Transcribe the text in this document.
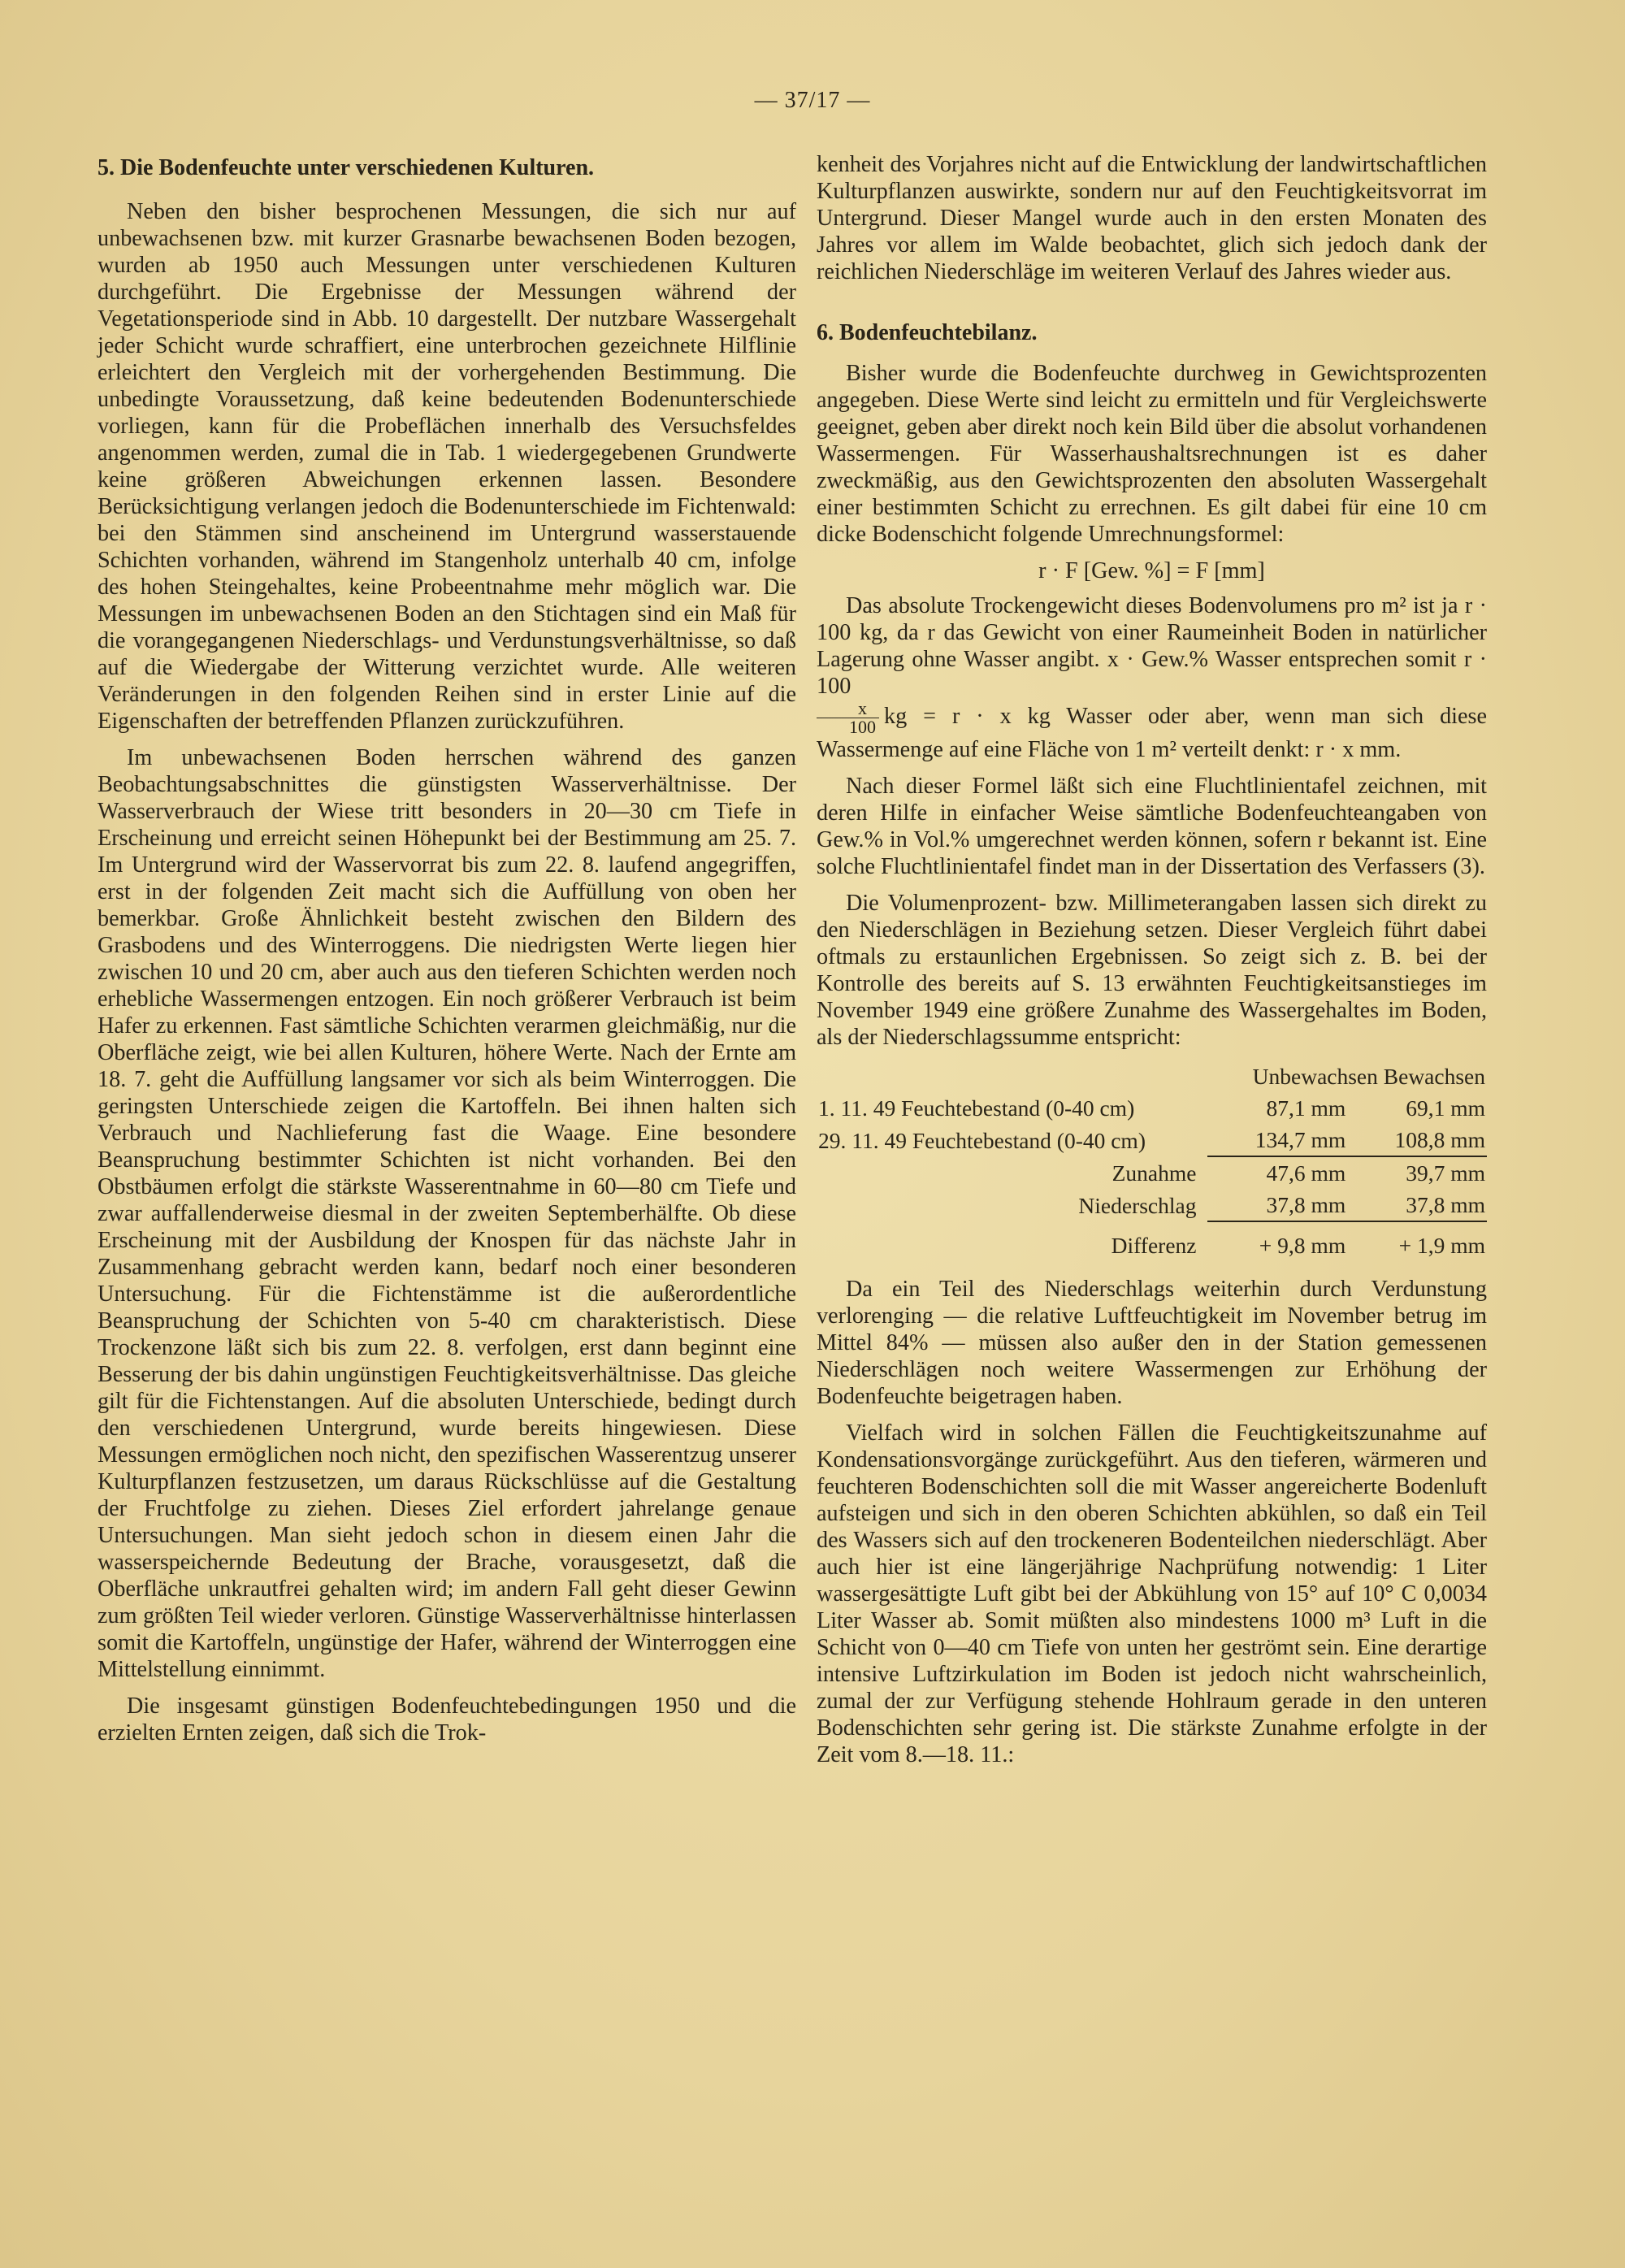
— 37/17 —
5. Die Bodenfeuchte unter verschiedenen Kulturen.

Neben den bisher besprochenen Messungen, die sich nur auf unbewachsenen bzw. mit kurzer Grasnarbe bewachsenen Boden bezogen, wurden ab 1950 auch Messungen unter verschiedenen Kulturen durchgeführt. Die Ergebnisse der Messungen während der Vegetationsperiode sind in Abb. 10 dargestellt. Der nutzbare Wassergehalt jeder Schicht wurde schraffiert, eine unterbrochen gezeichnete Hilflinie erleichtert den Vergleich mit der vorhergehenden Bestimmung. Die unbedingte Voraussetzung, daß keine bedeutenden Bodenunterschiede vorliegen, kann für die Probeflächen innerhalb des Versuchsfeldes angenommen werden, zumal die in Tab. 1 wiedergegebenen Grundwerte keine größeren Abweichungen erkennen lassen. Besondere Berücksichtigung verlangen jedoch die Bodenunterschiede im Fichtenwald: bei den Stämmen sind anscheinend im Untergrund wasserstauende Schichten vorhanden, während im Stangenholz unterhalb 40 cm, infolge des hohen Steingehaltes, keine Probeentnahme mehr möglich war. Die Messungen im unbewachsenen Boden an den Stichtagen sind ein Maß für die vorangegangenen Niederschlags- und Verdunstungsverhältnisse, so daß auf die Wiedergabe der Witterung verzichtet wurde. Alle weiteren Veränderungen in den folgenden Reihen sind in erster Linie auf die Eigenschaften der betreffenden Pflanzen zurückzuführen.

Im unbewachsenen Boden herrschen während des ganzen Beobachtungsabschnittes die günstigsten Wasserverhältnisse. Der Wasserverbrauch der Wiese tritt besonders in 20—30 cm Tiefe in Erscheinung und erreicht seinen Höhepunkt bei der Bestimmung am 25. 7. Im Untergrund wird der Wasservorrat bis zum 22. 8. laufend angegriffen, erst in der folgenden Zeit macht sich die Auffüllung von oben her bemerkbar. Große Ähnlichkeit besteht zwischen den Bildern des Grasbodens und des Winterroggens. Die niedrigsten Werte liegen hier zwischen 10 und 20 cm, aber auch aus den tieferen Schichten werden noch erhebliche Wassermengen entzogen. Ein noch größerer Verbrauch ist beim Hafer zu erkennen. Fast sämtliche Schichten verarmen gleichmäßig, nur die Oberfläche zeigt, wie bei allen Kulturen, höhere Werte. Nach der Ernte am 18. 7. geht die Auffüllung langsamer vor sich als beim Winterroggen. Die geringsten Unterschiede zeigen die Kartoffeln. Bei ihnen halten sich Verbrauch und Nachlieferung fast die Waage. Eine besondere Beanspruchung bestimmter Schichten ist nicht vorhanden. Bei den Obstbäumen erfolgt die stärkste Wasserentnahme in 60—80 cm Tiefe und zwar auffallenderweise diesmal in der zweiten Septemberhälfte. Ob diese Erscheinung mit der Ausbildung der Knospen für das nächste Jahr in Zusammenhang gebracht werden kann, bedarf noch einer besonderen Untersuchung. Für die Fichtenstämme ist die außerordentliche Beanspruchung der Schichten von 5-40 cm charakteristisch. Diese Trockenzone läßt sich bis zum 22. 8. verfolgen, erst dann beginnt eine Besserung der bis dahin ungünstigen Feuchtigkeitsverhältnisse. Das gleiche gilt für die Fichtenstangen. Auf die absoluten Unterschiede, bedingt durch den verschiedenen Untergrund, wurde bereits hingewiesen. Diese Messungen ermöglichen noch nicht, den spezifischen Wasserentzug unserer Kulturpflanzen festzusetzen, um daraus Rückschlüsse auf die Gestaltung der Fruchtfolge zu ziehen. Dieses Ziel erfordert jahrelange genaue Untersuchungen. Man sieht jedoch schon in diesem einen Jahr die wasserspeichernde Bedeutung der Brache, vorausgesetzt, daß die Oberfläche unkrautfrei gehalten wird; im andern Fall geht dieser Gewinn zum größten Teil wieder verloren. Günstige Wasserverhältnisse hinterlassen somit die Kartoffeln, ungünstige der Hafer, während der Winterroggen eine Mittelstellung einnimmt.

Die insgesamt günstigen Bodenfeuchtebedingungen 1950 und die erzielten Ernten zeigen, daß sich die Trok-

kenheit des Vorjahres nicht auf die Entwicklung der landwirtschaftlichen Kulturpflanzen auswirkte, sondern nur auf den Feuchtigkeitsvorrat im Untergrund. Dieser Mangel wurde auch in den ersten Monaten des Jahres vor allem im Walde beobachtet, glich sich jedoch dank der reichlichen Niederschläge im weiteren Verlauf des Jahres wieder aus.

6. Bodenfeuchtebilanz.

Bisher wurde die Bodenfeuchte durchweg in Gewichtsprozenten angegeben. Diese Werte sind leicht zu ermitteln und für Vergleichswerte geeignet, geben aber direkt noch kein Bild über die absolut vorhandenen Wassermengen. Für Wasserhaushaltsrechnungen ist es daher zweckmäßig, aus den Gewichtsprozenten den absoluten Wassergehalt einer bestimmten Schicht zu errechnen. Es gilt dabei für eine 10 cm dicke Bodenschicht folgende Umrechnungsformel:

r · F [Gew. %] = F [mm]

Das absolute Trockengewicht dieses Bodenvolumens pro m² ist ja r · 100 kg, da r das Gewicht von einer Raumeinheit Boden in natürlicher Lagerung ohne Wasser angibt. x · Gew.% Wasser entsprechen somit r · 100

$\frac{x}{100}$ kg = r · x kg Wasser oder aber, wenn man sich diese Wassermenge auf eine Fläche von 1 m² verteilt denkt: r · x mm.

Nach dieser Formel läßt sich eine Fluchtlinientafel zeichnen, mit deren Hilfe in einfacher Weise sämtliche Bodenfeuchteangaben von Gew.% in Vol.% umgerechnet werden können, sofern r bekannt ist. Eine solche Fluchtlinientafel findet man in der Dissertation des Verfassers (3).

Die Volumenprozent- bzw. Millimeterangaben lassen sich direkt zu den Niederschlägen in Beziehung setzen. Dieser Vergleich führt dabei oftmals zu erstaunlichen Ergebnissen. So zeigt sich z. B. bei der Kontrolle des bereits auf S. 13 erwähnten Feuchtigkeitsanstieges im November 1949 eine größere Zunahme des Wassergehaltes im Boden, als der Niederschlagssumme entspricht:

	Unbewachsen Bewachsen	
1. 11. 49 Feuchtebestand (0-40 cm)	87,1 mm	69,1 mm
29. 11. 49 Feuchtebestand (0-40 cm)	134,7 mm	108,8 mm
Zunahme	47,6 mm	39,7 mm
Niederschlag	37,8 mm	37,8 mm
Differenz	+ 9,8 mm	+ 1,9 mm

Da ein Teil des Niederschlags weiterhin durch Verdunstung verlorenging — die relative Luftfeuchtigkeit im November betrug im Mittel 84% — müssen also außer den in der Station gemessenen Niederschlägen noch weitere Wassermengen zur Erhöhung der Bodenfeuchte beigetragen haben.

Vielfach wird in solchen Fällen die Feuchtigkeitszunahme auf Kondensationsvorgänge zurückgeführt. Aus den tieferen, wärmeren und feuchteren Bodenschichten soll die mit Wasser angereicherte Bodenluft aufsteigen und sich in den oberen Schichten abkühlen, so daß ein Teil des Wassers sich auf den trockeneren Bodenteilchen niederschlägt. Aber auch hier ist eine längerjährige Nachprüfung notwendig: 1 Liter wassergesättigte Luft gibt bei der Abkühlung von 15° auf 10° C 0,0034 Liter Wasser ab. Somit müßten also mindestens 1000 m³ Luft in die Schicht von 0—40 cm Tiefe von unten her geströmt sein. Eine derartige intensive Luftzirkulation im Boden ist jedoch nicht wahrscheinlich, zumal der zur Verfügung stehende Hohlraum gerade in den unteren Bodenschichten sehr gering ist. Die stärkste Zunahme erfolgte in der Zeit vom 8.—18. 11.:
